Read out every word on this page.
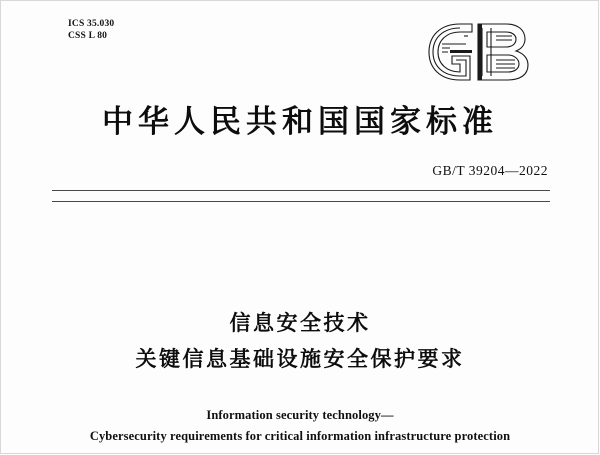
ICS 35.030
CSS L 80
中华人民共和国国家标准
GB/T 39204—2022
信息安全技术
关键信息基础设施安全保护要求
Information security technology—
Cybersecurity requirements for critical information infrastructure protection
